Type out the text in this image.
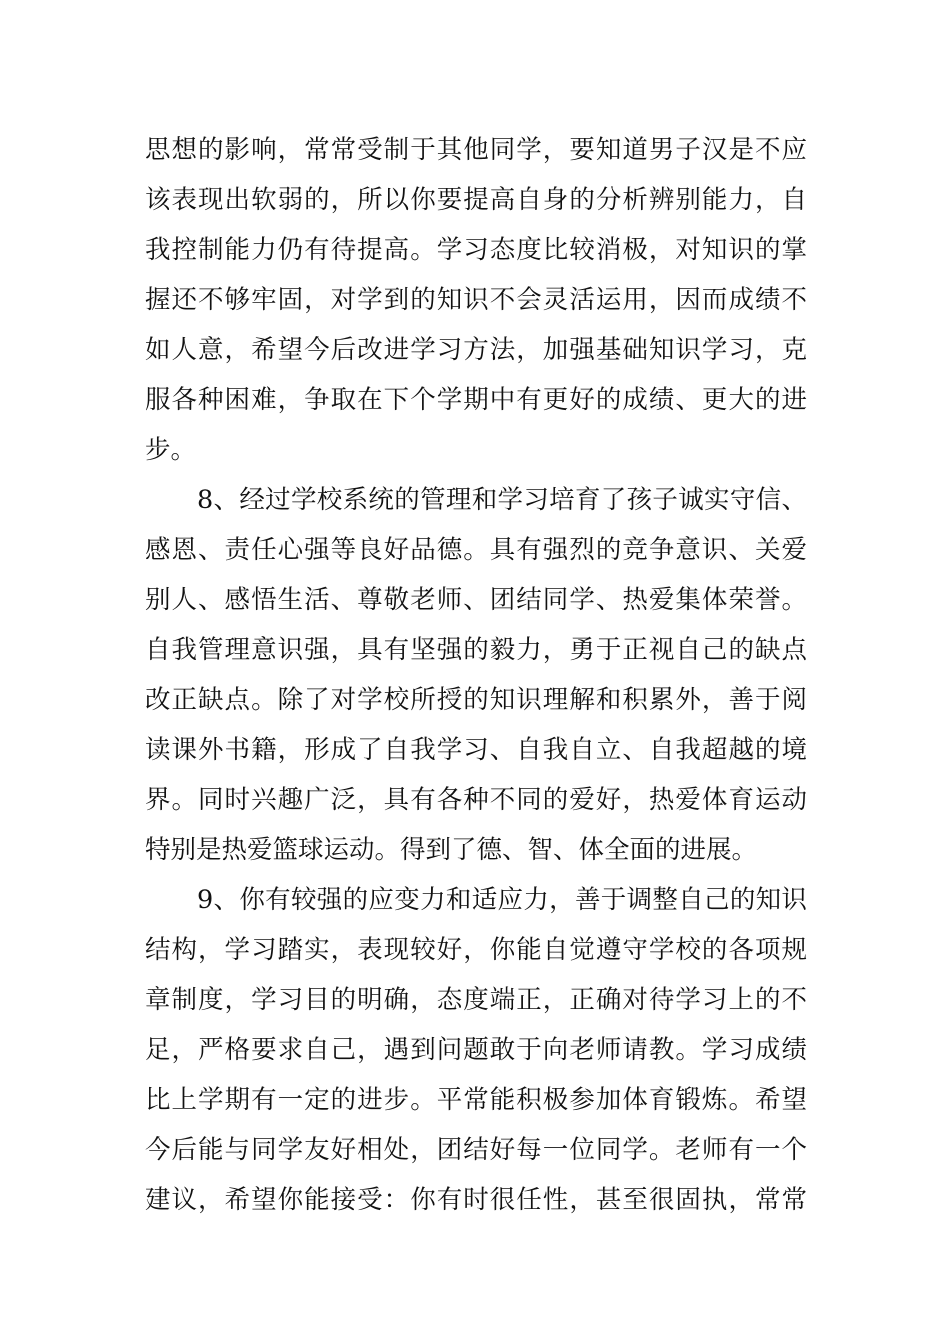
思想的影响，常常受制于其他同学，要知道男子汉是不应
该表现出软弱的，所以你要提高自身的分析辨别能力，自
我控制能力仍有待提高。学习态度比较消极，对知识的掌
握还不够牢固，对学到的知识不会灵活运用，因而成绩不
如人意，希望今后改进学习方法，加强基础知识学习，克
服各种困难，争取在下个学期中有更好的成绩、更大的进
步。
8、经过学校系统的管理和学习培育了孩子诚实守信、
感恩、责任心强等良好品德。具有强烈的竞争意识、关爱
别人、感悟生活、尊敬老师、团结同学、热爱集体荣誉。
自我管理意识强，具有坚强的毅力，勇于正视自己的缺点
改正缺点。除了对学校所授的知识理解和积累外，善于阅
读课外书籍，形成了自我学习、自我自立、自我超越的境
界。同时兴趣广泛，具有各种不同的爱好，热爱体育运动
特别是热爱篮球运动。得到了德、智、体全面的进展。
9、你有较强的应变力和适应力，善于调整自己的知识
结构，学习踏实，表现较好，你能自觉遵守学校的各项规
章制度，学习目的明确，态度端正，正确对待学习上的不
足，严格要求自己，遇到问题敢于向老师请教。学习成绩
比上学期有一定的进步。平常能积极参加体育锻炼。希望
今后能与同学友好相处，团结好每一位同学。老师有一个
建议，希望你能接受：你有时很任性，甚至很固执，常常
